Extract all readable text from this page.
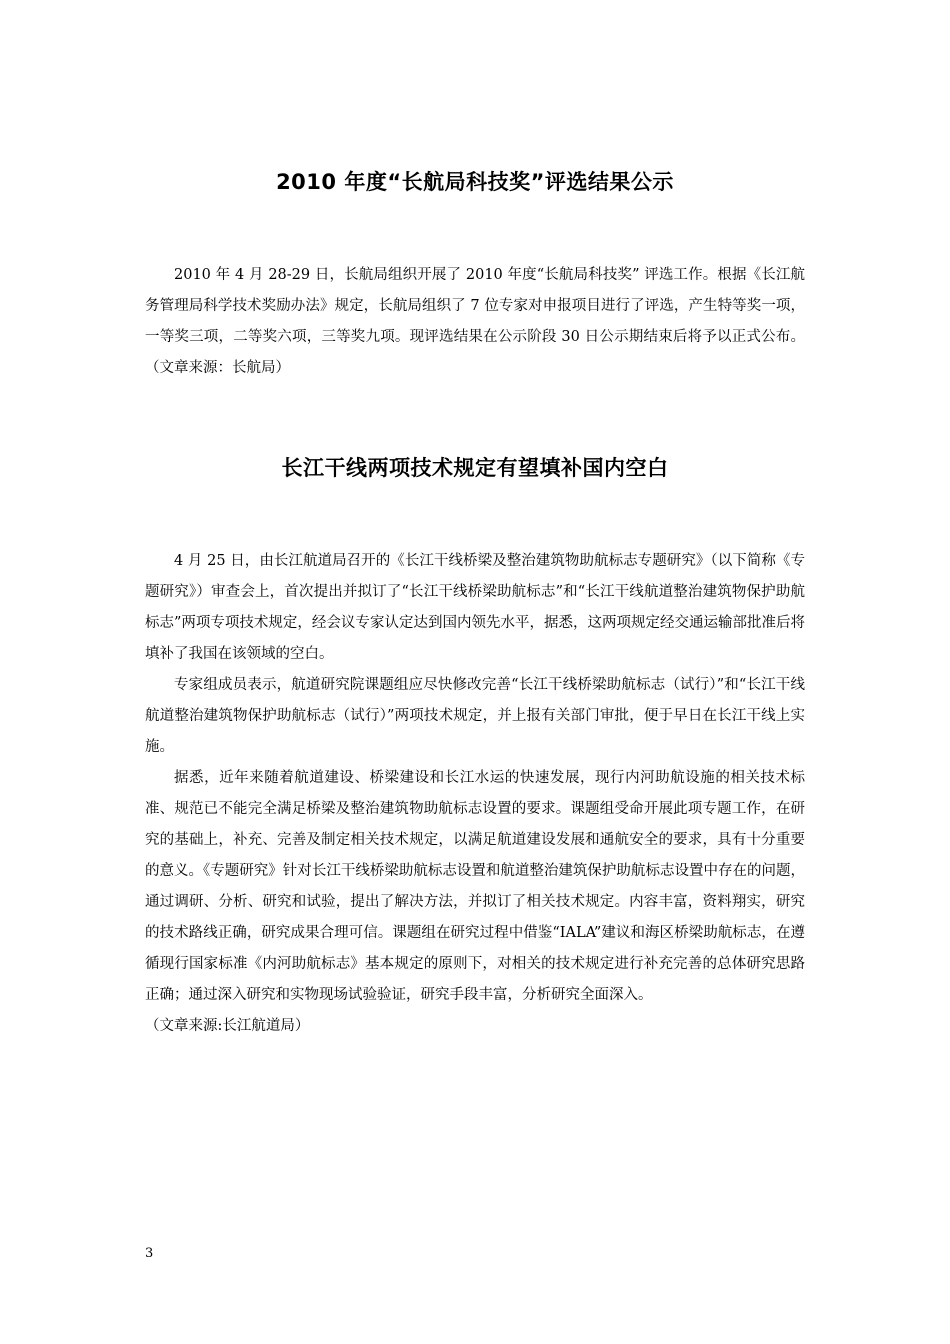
2010 年度“长航局科技奖”评选结果公示

2010 年 4 月 28-29 日，长航局组织开展了 2010 年度“长航局科技奖” 评选工作。根据《长江航务管理局科学技术奖励办法》规定，长航局组织了 7 位专家对申报项目进行了评选，产生特等奖一项，一等奖三项，二等奖六项，三等奖九项。现评选结果在公示阶段 30 日公示期结束后将予以正式公布。（文章来源：长航局）

长江干线两项技术规定有望填补国内空白

4 月 25 日，由长江航道局召开的《长江干线桥梁及整治建筑物助航标志专题研究》（以下简称《专题研究》）审查会上，首次提出并拟订了“长江干线桥梁助航标志”和“长江干线航道整治建筑物保护助航标志”两项专项技术规定，经会议专家认定达到国内领先水平，据悉，这两项规定经交通运输部批准后将填补了我国在该领域的空白。

专家组成员表示，航道研究院课题组应尽快修改完善“长江干线桥梁助航标志（试行）”和“长江干线航道整治建筑物保护助航标志（试行）”两项技术规定，并上报有关部门审批，便于早日在长江干线上实施。

据悉，近年来随着航道建设、桥梁建设和长江水运的快速发展，现行内河助航设施的相关技术标准、规范已不能完全满足桥梁及整治建筑物助航标志设置的要求。课题组受命开展此项专题工作，在研究的基础上，补充、完善及制定相关技术规定，以满足航道建设发展和通航安全的要求，具有十分重要的意义。《专题研究》针对长江干线桥梁助航标志设置和航道整治建筑保护助航标志设置中存在的问题，通过调研、分析、研究和试验，提出了解决方法，并拟订了相关技术规定。内容丰富，资料翔实，研究的技术路线正确，研究成果合理可信。课题组在研究过程中借鉴“IALA”建议和海区桥梁助航标志，在遵循现行国家标准《内河助航标志》基本规定的原则下，对相关的技术规定进行补充完善的总体研究思路正确；通过深入研究和实物现场试验验证，研究手段丰富，分析研究全面深入。

（文章来源:长江航道局）

3
